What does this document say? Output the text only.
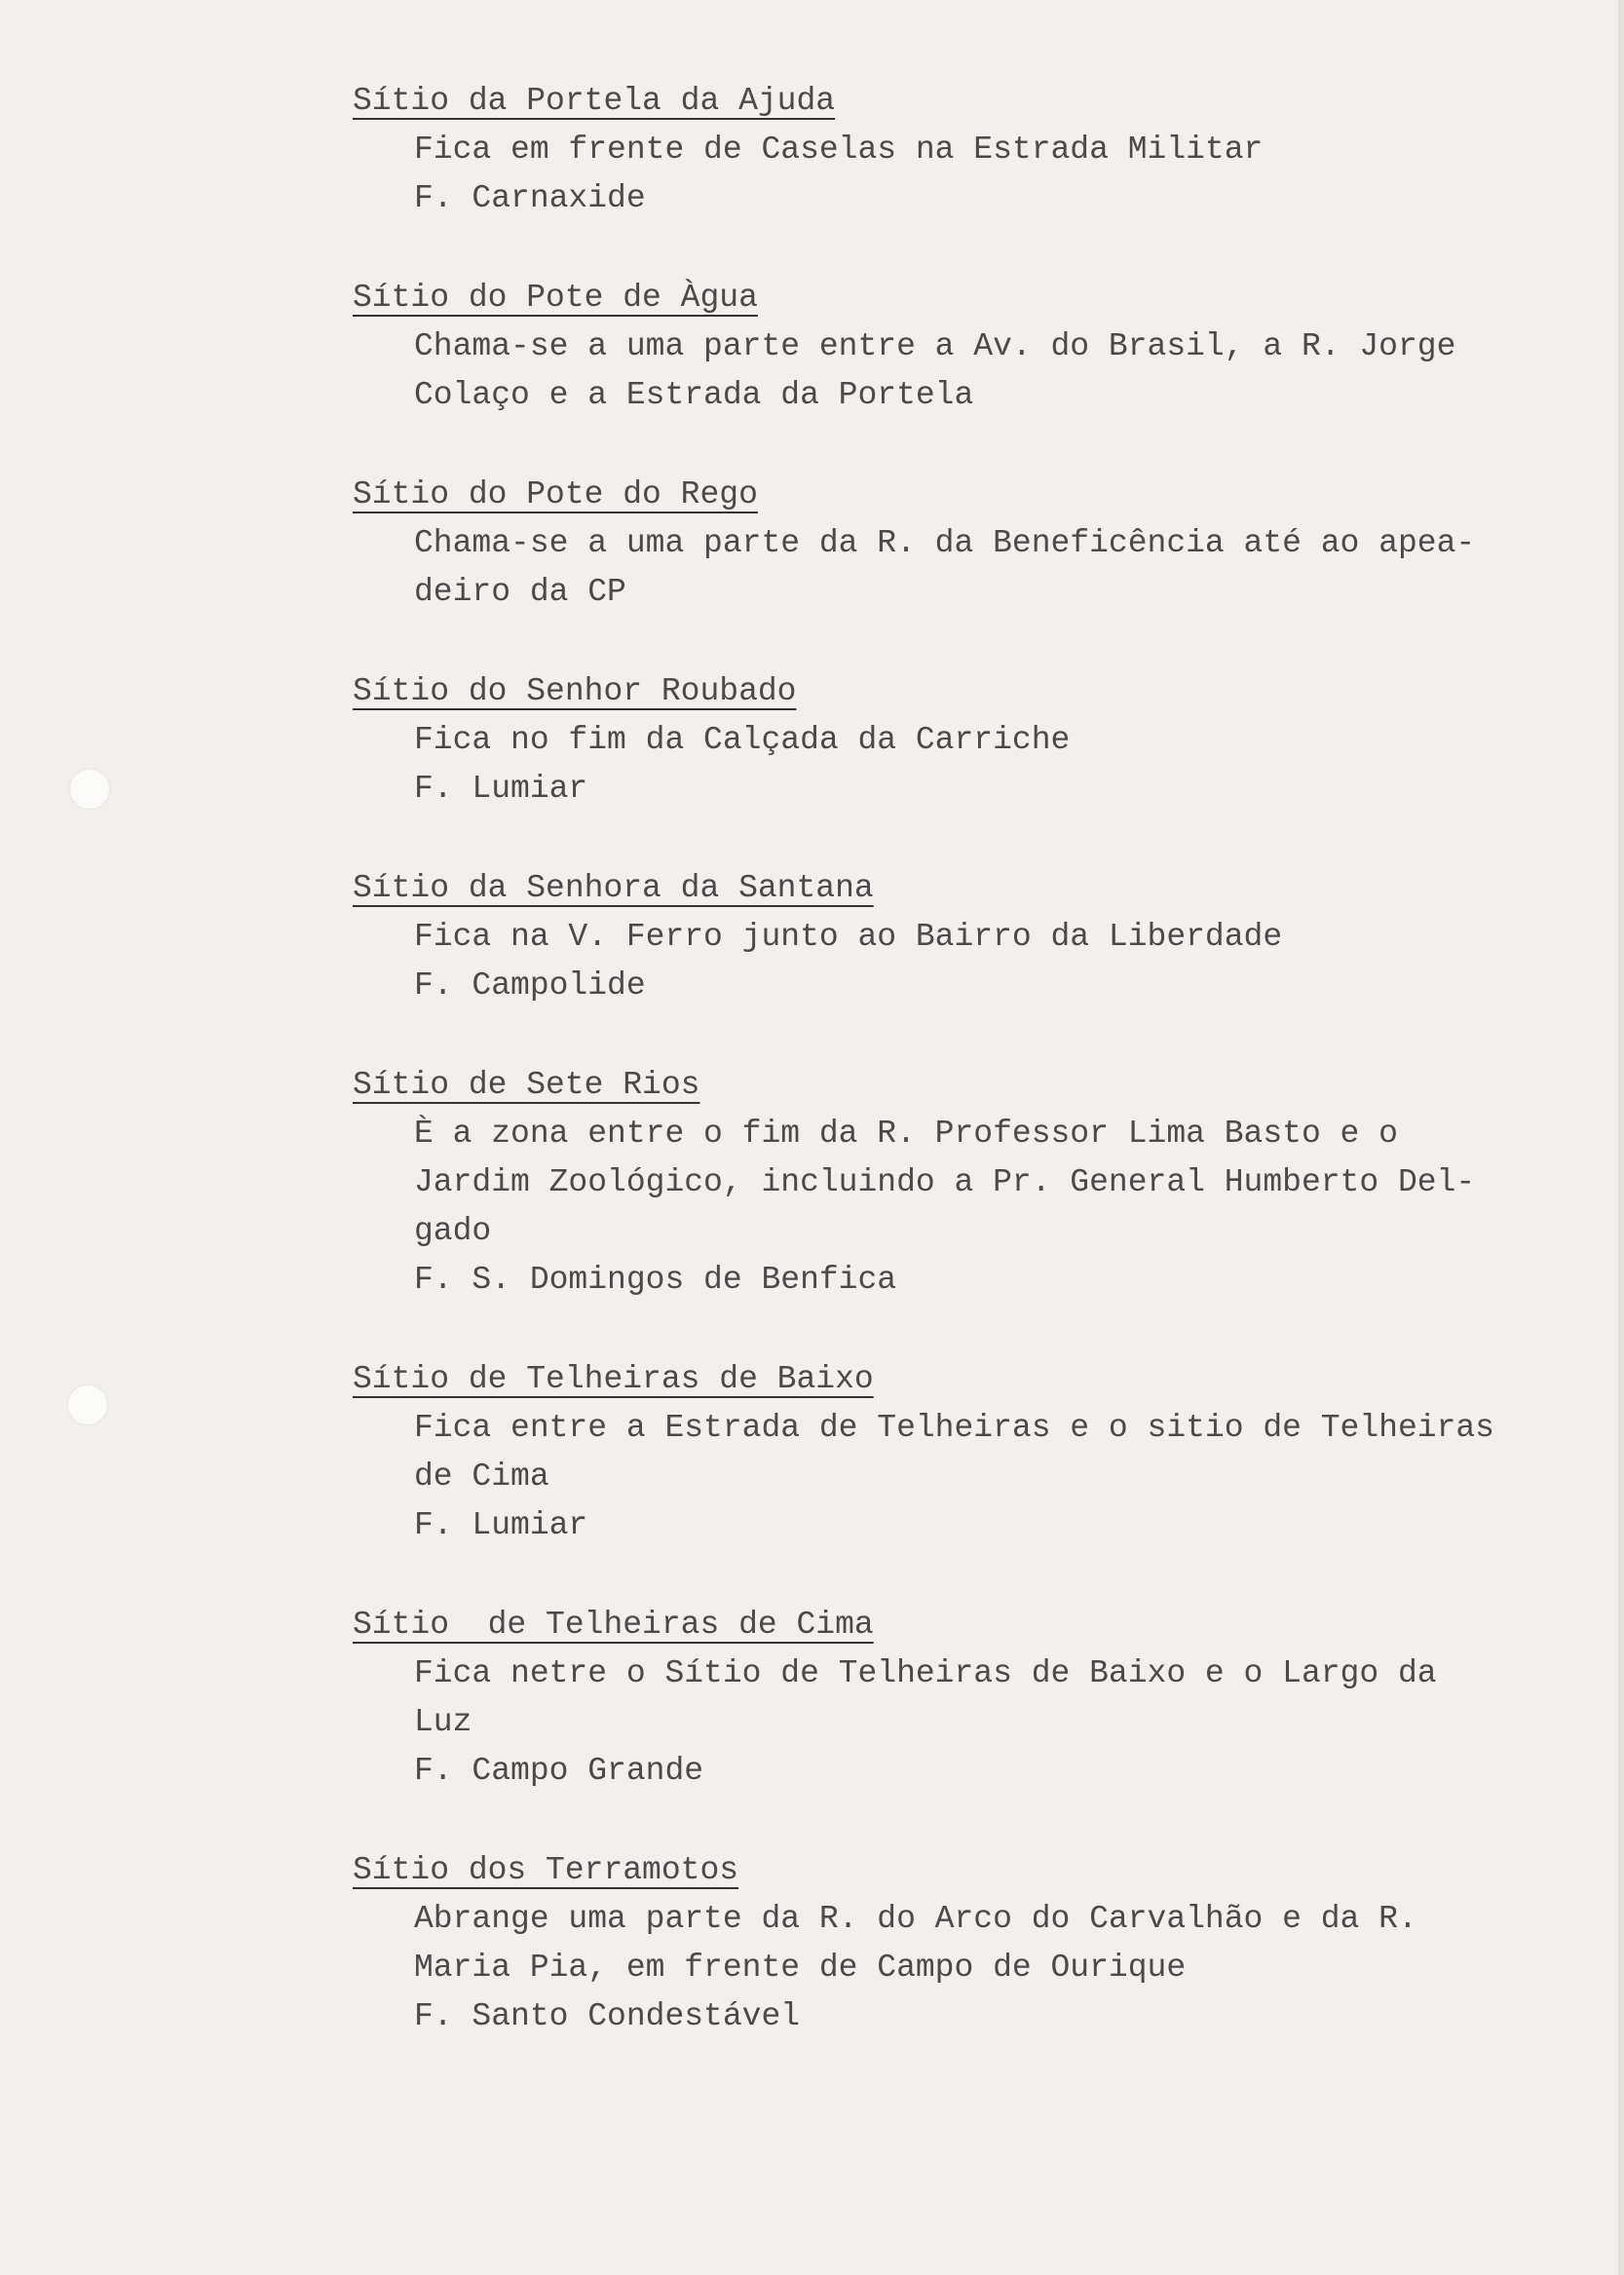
Sítio da Portela da Ajuda
Fica em frente de Caselas na Estrada Militar
F. Carnaxide
Sítio do Pote de Àgua
Chama-se a uma parte entre a Av. do Brasil, a R. Jorge
Colaço e a Estrada da Portela
Sítio do Pote do Rego
Chama-se a uma parte da R. da Beneficência até ao apea-
deiro da CP
Sítio do Senhor Roubado
Fica no fim da Calçada da Carriche
F. Lumiar
Sítio da Senhora da Santana
Fica na V. Ferro junto ao Bairro da Liberdade
F. Campolide
Sítio de Sete Rios
È a zona entre o fim da R. Professor Lima Basto e o
Jardim Zoológico, incluindo a Pr. General Humberto Del-
gado
F. S. Domingos de Benfica
Sítio de Telheiras de Baixo
Fica entre a Estrada de Telheiras e o sitio de Telheiras
de Cima
F. Lumiar
Sítio  de Telheiras de Cima
Fica netre o Sítio de Telheiras de Baixo e o Largo da
Luz
F. Campo Grande
Sítio dos Terramotos
Abrange uma parte da R. do Arco do Carvalhão e da R.
Maria Pia, em frente de Campo de Ourique
F. Santo Condestável
